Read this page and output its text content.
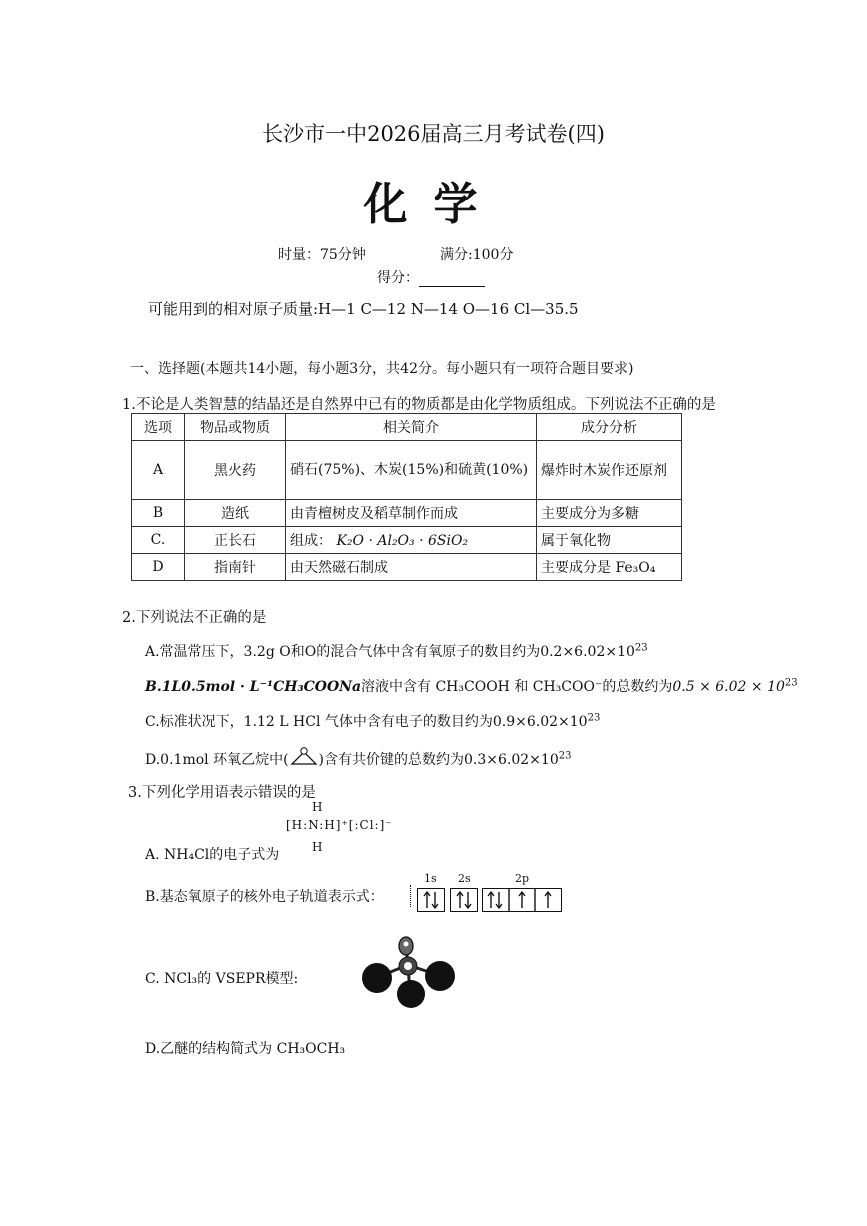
长沙市一中2026届高三月考试卷(四)
化学
时量：75分钟	满分:100分
得分：
可能用到的相对原子质量:H—1 C—12 N—14 O—16 Cl—35.5
一、选择题(本题共14小题，每小题3分，共42分。每小题只有一项符合题目要求)
1.不论是人类智慧的结晶还是自然界中已有的物质都是由化学物质组成。下列说法不正确的是
选项	物品或物质	相关简介	成分分析
A	黑火药	硝石(75%)、木炭(15%)和硫黄(10%)	爆炸时木炭作还原剂
B	造纸	由青檀树皮及稻草制作而成	主要成分为多糖
C.	正长石	组成： K₂O · Al₂O₃ · 6SiO₂	属于氧化物
D	指南针	由天然磁石制成	主要成分是 Fe₃O₄
2.下列说法不正确的是
A.常温常压下，3.2g O和O的混合气体中含有氧原子的数目约为$0.2\times 6.02\times 10^{23}$
B.1L0.5mol · L⁻¹CH₃COONa溶液中含有 CH₃COOH 和 CH₃COO⁻的总数约为$0.5 \times 6.02 \times 10^{23}$
C.标准状况下，1.12 L HCl 气体中含有电子的数目约为$0.9\times 6.02\times 10^{23}$
D.0.1mol 环氧乙烷中( )含有共价键的总数约为$0.3\times 6.02\times 10^{23}$
3.下列化学用语表示错误的是
H
[H:N:H]⁺[:Cl:]⁻
H
A. NH₄Cl的电子式为
B.基态氧原子的核外电子轨道表示式：
1s 2s	2p
C. NCl₃的 VSEPR模型:
D.乙醚的结构简式为 CH₃OCH₃
